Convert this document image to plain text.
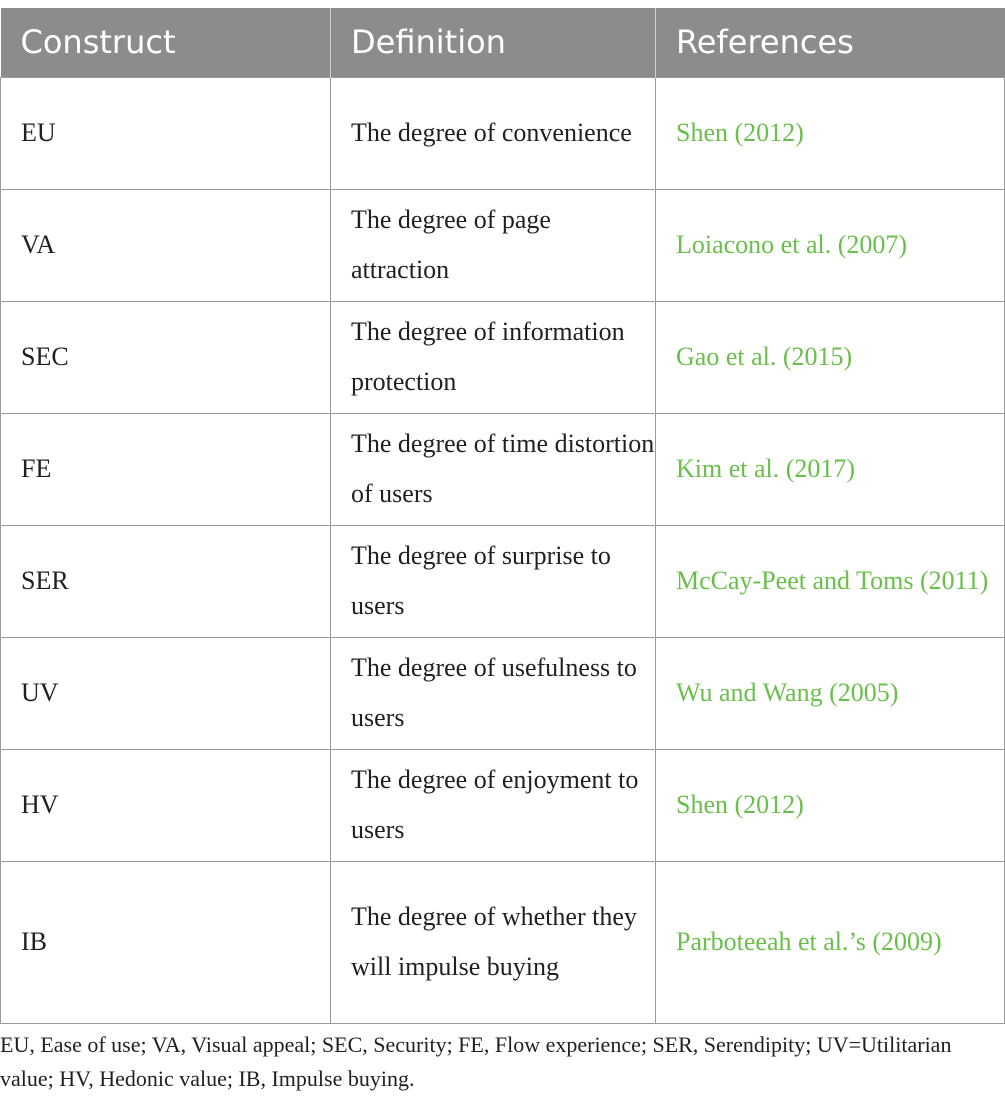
Construct	Definition	References
EU	The degree of convenience	Shen (2012)
VA	The degree of page attraction	Loiacono et al. (2007)
SEC	The degree of information protection	Gao et al. (2015)
FE	The degree of time distortion of users	Kim et al. (2017)
SER	The degree of surprise to users	McCay-Peet and Toms (2011)
UV	The degree of usefulness to users	Wu and Wang (2005)
HV	The degree of enjoyment to users	Shen (2012)
IB	The degree of whether they will impulse buying	Parboteeah et al.’s (2009)

EU, Ease of use; VA, Visual appeal; SEC, Security; FE, Flow experience; SER, Serendipity; UV=Utilitarian value; HV, Hedonic value; IB, Impulse buying.
